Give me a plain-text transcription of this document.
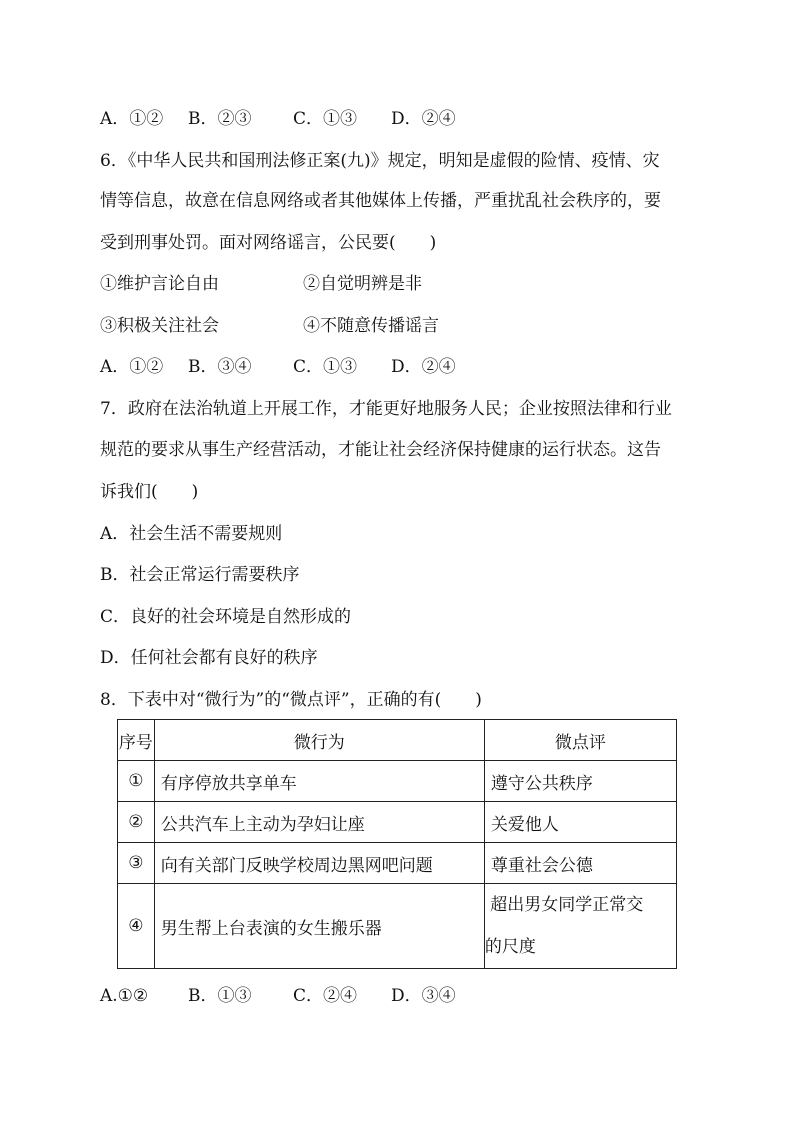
A．①② B．②③ C．①③ D．②④
6．《中华人民共和国刑法修正案(九)》规定，明知是虚假的险情、疫情、灾
情等信息，故意在信息网络或者其他媒体上传播，严重扰乱社会秩序的，要
受到刑事处罚。面对网络谣言，公民要(　　)
①维护言论自由	②自觉明辨是非
③积极关注社会	④不随意传播谣言
A．①② B．③④ C．①③ D．②④
7．政府在法治轨道上开展工作，才能更好地服务人民；企业按照法律和行业
规范的要求从事生产经营活动，才能让社会经济保持健康的运行状态。这告
诉我们(　　)
A．社会生活不需要规则
B．社会正常运行需要秩序
C．良好的社会环境是自然形成的
D．任何社会都有良好的秩序
8．下表中对“微行为”的“微点评”，正确的有(　　)
序号	微行为	微点评
①	有序停放共享单车	遵守公共秩序
②	公共汽车上主动为孕妇让座	关爱他人
③	向有关部门反映学校周边黑网吧问题	尊重社会公德
④	男生帮上台表演的女生搬乐器	超出男女同学正常交
的尺度
A.①② B．①③ C．②④ D．③④
